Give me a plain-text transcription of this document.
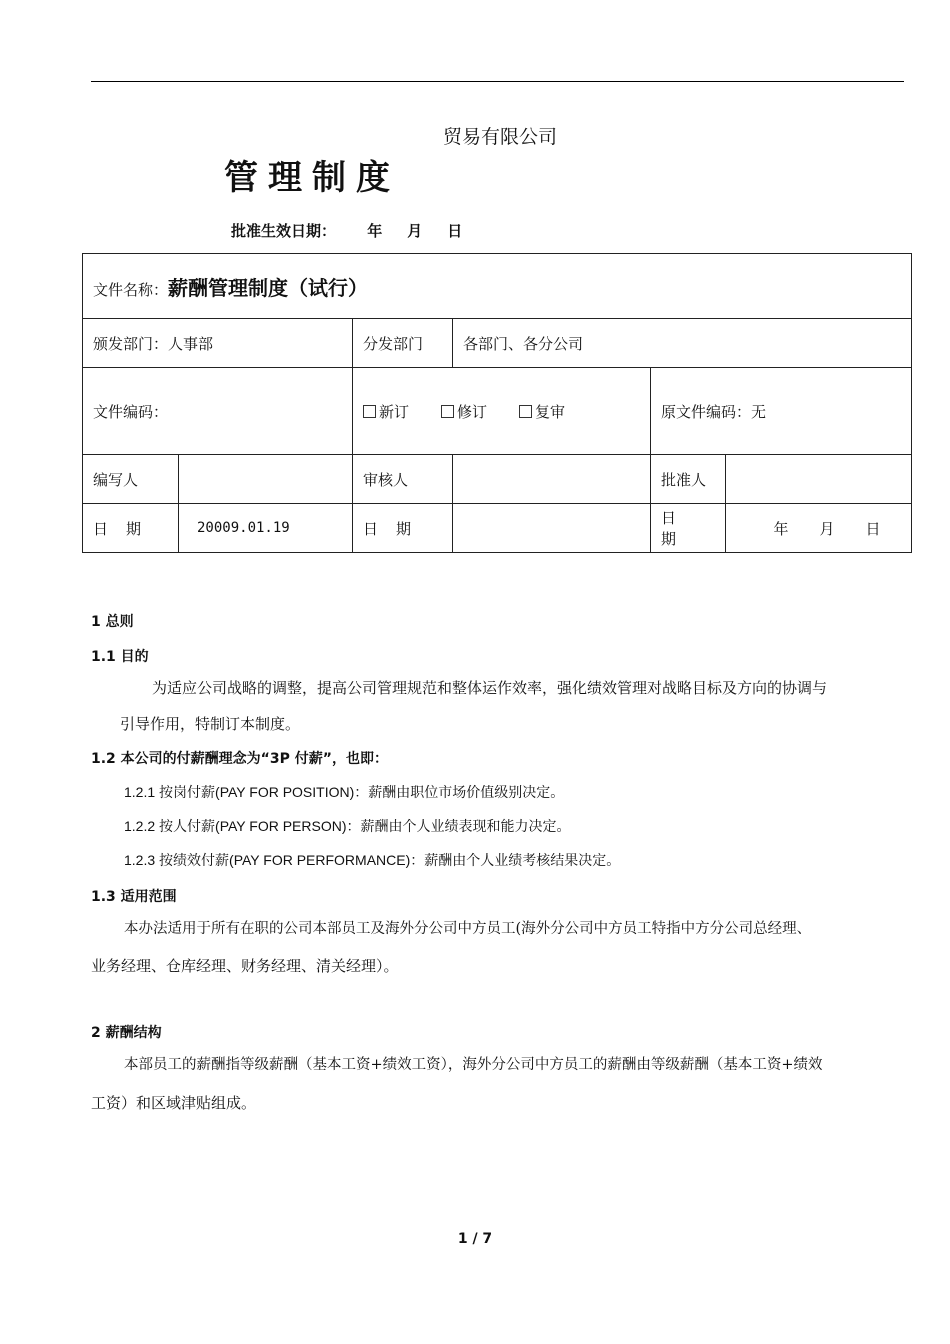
贸易有限公司
管理制度
批准生效日期： 年 月 日
文件名称：薪酬管理制度（试行）					
颁发部门：人事部		分发部门	各部门、各分公司		
文件编码：		新订 修订 复审		原文件编码：无	
编写人		审核人		批准人	
日期	20009.01.19	日期		日期	年 月 日
1 总则
1.1 目的
为适应公司战略的调整，提高公司管理规范和整体运作效率，强化绩效管理对战略目标及方向的协调与
引导作用，特制订本制度。
1.2 本公司的付薪酬理念为“3P 付薪”，也即：
1.2.1 按岗付薪(PAY FOR POSITION)：薪酬由职位市场价值级别决定。
1.2.2 按人付薪(PAY FOR PERSON)：薪酬由个人业绩表现和能力决定。
1.2.3 按绩效付薪(PAY FOR PERFORMANCE)：薪酬由个人业绩考核结果决定。
1.3 适用范围
本办法适用于所有在职的公司本部员工及海外分公司中方员工(海外分公司中方员工特指中方分公司总经理、
业务经理、仓库经理、财务经理、清关经理）。
2 薪酬结构
本部员工的薪酬指等级薪酬（基本工资+绩效工资），海外分公司中方员工的薪酬由等级薪酬（基本工资+绩效
工资）和区域津贴组成。
1 / 7
